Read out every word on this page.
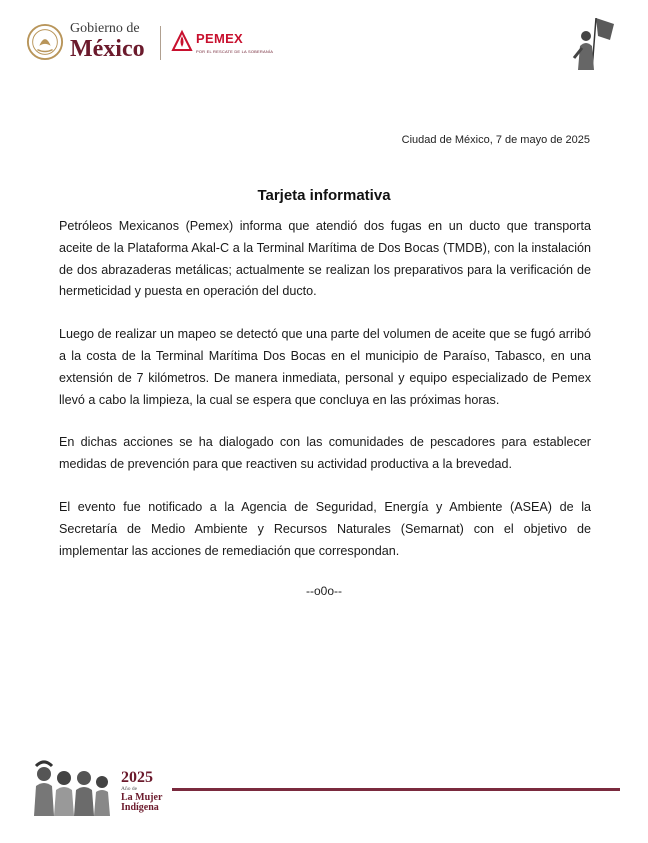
Gobierno de
México	PEMEX
POR EL RESCATE DE LA SOBERANÍA
Ciudad de México, 7 de mayo de 2025
Tarjeta informativa

Petróleos Mexicanos (Pemex) informa que atendió dos fugas en un ducto que transporta aceite de la Plataforma Akal-C a la Terminal Marítima de Dos Bocas (TMDB), con la instalación de dos abrazaderas metálicas; actualmente se realizan los preparativos para la verificación de hermeticidad y puesta en operación del ducto.

Luego de realizar un mapeo se detectó que una parte del volumen de aceite que se fugó arribó a la costa de la Terminal Marítima Dos Bocas en el municipio de Paraíso, Tabasco, en una extensión de 7 kilómetros. De manera inmediata, personal y equipo especializado de Pemex llevó a cabo la limpieza, la cual se espera que concluya en las próximas horas.

En dichas acciones se ha dialogado con las comunidades de pescadores para establecer medidas de prevención para que reactiven su actividad productiva a la brevedad.

El evento fue notificado a la Agencia de Seguridad, Energía y Ambiente (ASEA) de la Secretaría de Medio Ambiente y Recursos Naturales (Semarnat) con el objetivo de implementar las acciones de remediación que correspondan.

--o0o--
2025
Año de
La Mujer
Indígena
